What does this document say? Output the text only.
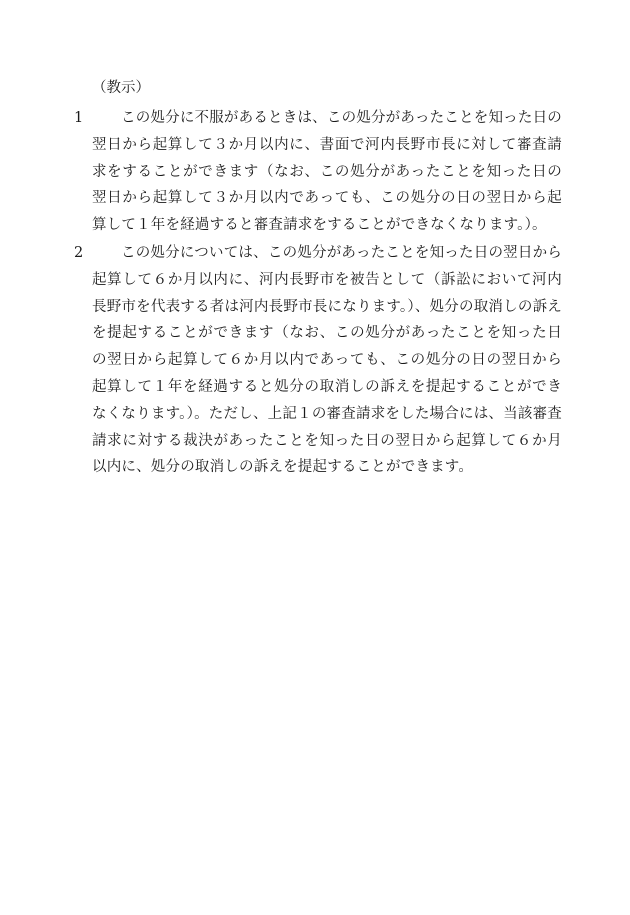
（教示）
1	この処分に不服があるときは、この処分があったことを知った日の翌日から起算して３か月以内に、書面で河内長野市長に対して審査請求をすることができます（なお、この処分があったことを知った日の翌日から起算して３か月以内であっても、この処分の日の翌日から起算して１年を経過すると審査請求をすることができなくなります。）。
2	この処分については、この処分があったことを知った日の翌日から起算して６か月以内に、河内長野市を被告として（訴訟において河内長野市を代表する者は河内長野市長になります。）、処分の取消しの訴えを提起することができます（なお、この処分があったことを知った日の翌日から起算して６か月以内であっても、この処分の日の翌日から起算して１年を経過すると処分の取消しの訴えを提起することができなくなります。）。ただし、上記１の審査請求をした場合には、当該審査請求に対する裁決があったことを知った日の翌日から起算して６か月以内に、処分の取消しの訴えを提起することができます。
